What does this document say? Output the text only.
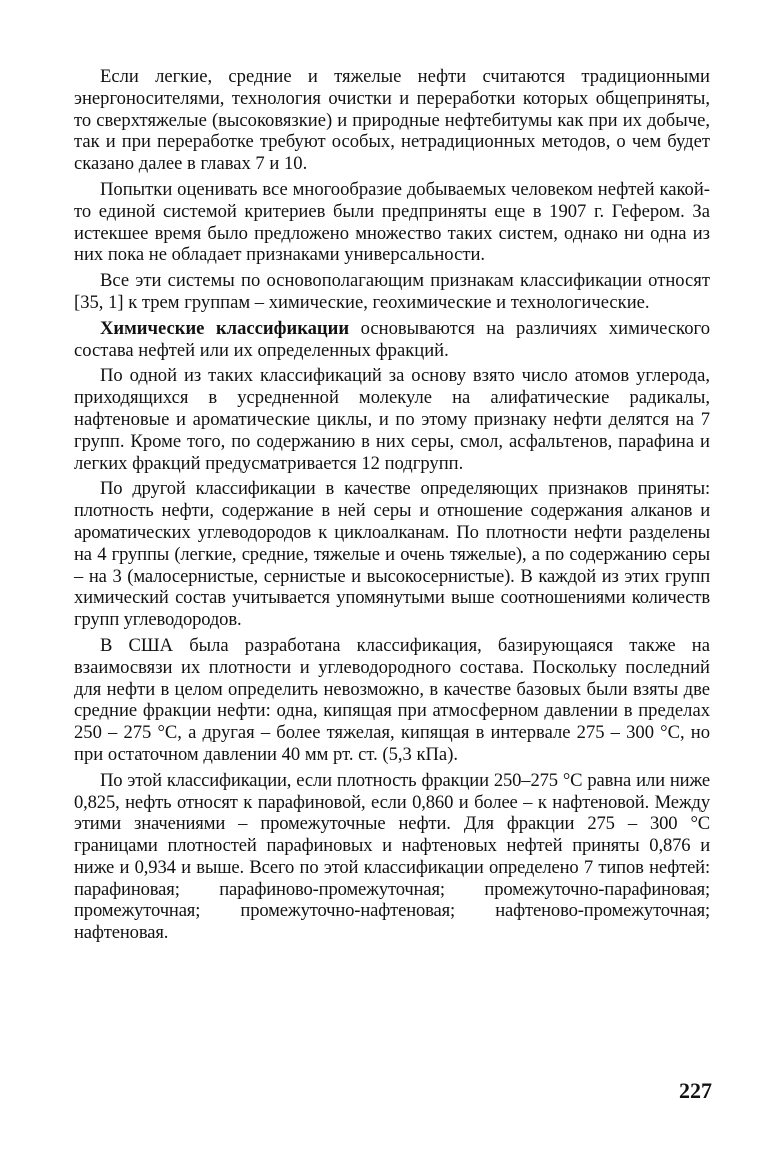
Если легкие, средние и тяжелые нефти считаются традиционными энергоносителями, технология очистки и переработки которых общеприняты, то сверхтяжелые (высоковязкие) и природные нефтебитумы как при их добыче, так и при переработке требуют особых, нетрадиционных методов, о чем будет сказано далее в главах 7 и 10.

Попытки оценивать все многообразие добываемых человеком нефтей какой-то единой системой критериев были предприняты еще в 1907 г. Геферoм. За истекшее время было предложено множество таких систем, однако ни одна из них пока не обладает признаками универсальности.

Все эти системы по основополагающим признакам классификации относят [35, 1] к трем группам – химические, геохимические и технологические.

Химические классификации основываются на различиях химического состава нефтей или их определенных фракций.

По одной из таких классификаций за основу взято число атомов углерода, приходящихся в усредненной молекуле на алифатические радикалы, нафтеновые и ароматические циклы, и по этому признаку нефти делятся на 7 групп. Кроме того, по содержанию в них серы, смол, асфальтенов, парафина и легких фракций предусматривается 12 подгрупп.

По другой классификации в качестве определяющих признаков приняты: плотность нефти, содержание в ней серы и отношение содержания алканов и ароматических углеводородов к циклоалканам. По плотности нефти разделены на 4 группы (легкие, средние, тяжелые и очень тяжелые), а по содержанию серы – на 3 (малосернистые, сернистые и высокосернистые). В каждой из этих групп химический состав учитывается упомянутыми выше соотношениями количеств групп углеводородов.

В США была разработана классификация, базирующаяся также на взаимосвязи их плотности и углеводородного состава. Поскольку последний для нефти в целом определить невозможно, в качестве базовых были взяты две средние фракции нефти: одна, кипящая при атмосферном давлении в пределах 250 – 275 °С, а другая – более тяжелая, кипящая в интервале 275 – 300 °С, но при остаточном давлении 40 мм рт. ст. (5,3 кПа).

По этой классификации, если плотность фракции 250–275 °С равна или ниже 0,825, нефть относят к парафиновой, если 0,860 и более – к нафтеновой. Между этими значениями – промежуточные нефти. Для фракции 275 – 300 °С границами плотностей парафиновых и нафтеновых нефтей приняты 0,876 и ниже и 0,934 и выше. Всего по этой классификации определено 7 типов нефтей: парафиновая; парафиново-промежуточная; промежуточно-парафиновая; промежуточная; промежуточно-нафтеновая; нафтеново-промежуточная; нафтеновая.

227
